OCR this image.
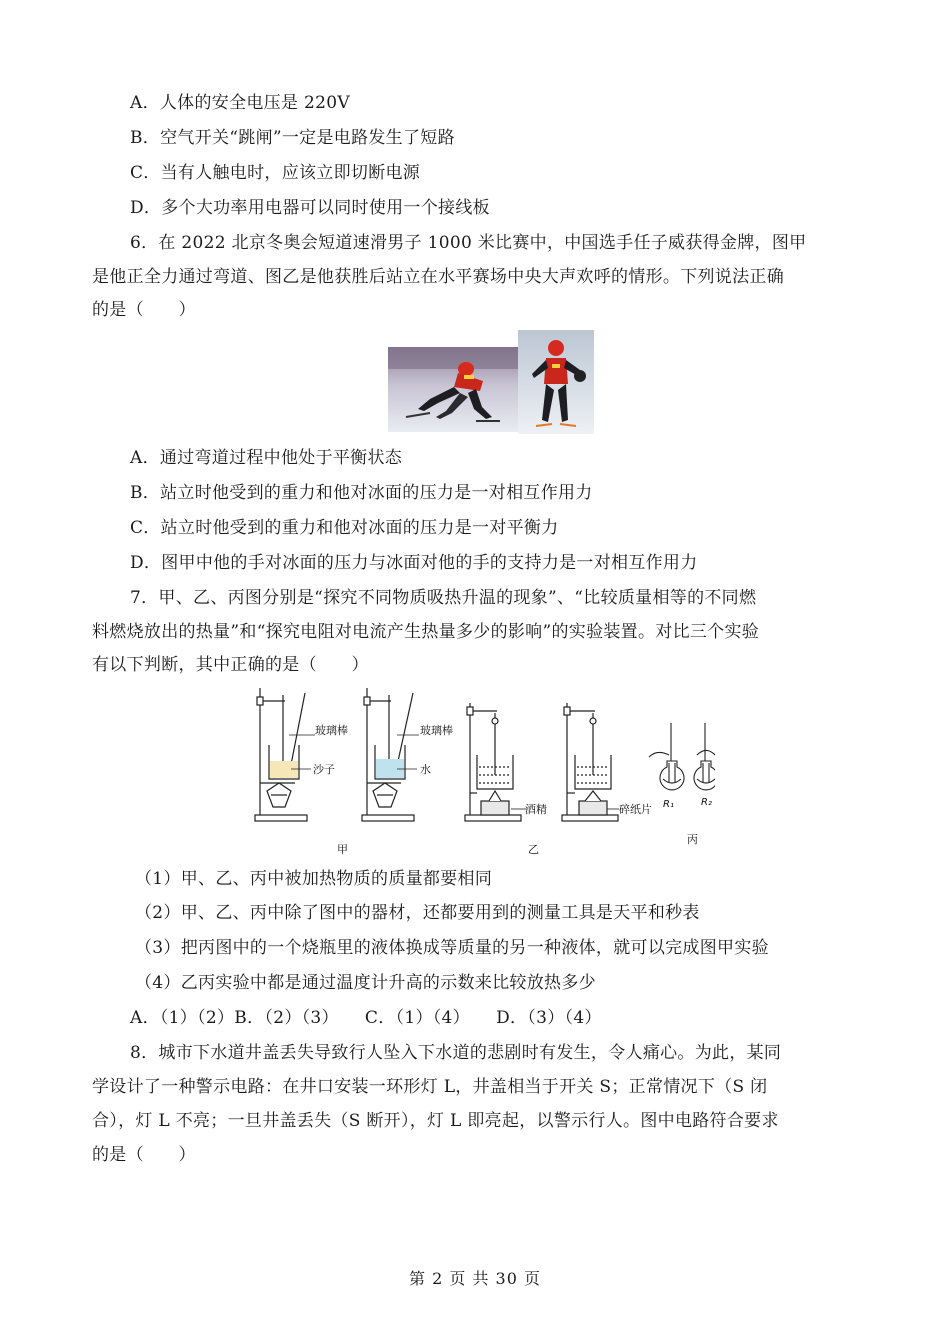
A．人体的安全电压是 220V
B．空气开关“跳闸”一定是电路发生了短路
C．当有人触电时，应该立即切断电源
D．多个大功率用电器可以同时使用一个接线板
6．在 2022 北京冬奥会短道速滑男子 1000 米比赛中，中国选手任子威获得金牌，图甲
是他正全力通过弯道、图乙是他获胜后站立在水平赛场中央大声欢呼的情形。下列说法正确
的是（　　）
A．通过弯道过程中他处于平衡状态
B．站立时他受到的重力和他对冰面的压力是一对相互作用力
C．站立时他受到的重力和他对冰面的压力是一对平衡力
D．图甲中他的手对冰面的压力与冰面对他的手的支持力是一对相互作用力
7．甲、乙、丙图分别是“探究不同物质吸热升温的现象”、“比较质量相等的不同燃
料燃烧放出的热量”和“探究电阻对电流产生热量多少的影响”的实验装置。对比三个实验
有以下判断，其中正确的是（　　）
玻璃棒
沙子
玻璃棒
水
酒精	碎纸片 R₁	R₂
甲	乙
丙
（1）甲、乙、丙中被加热物质的质量都要相同
（2）甲、乙、丙中除了图中的器材，还都要用到的测量工具是天平和秒表
（3）把丙图中的一个烧瓶里的液体换成等质量的另一种液体，就可以完成图甲实验
（4）乙丙实验中都是通过温度计升高的示数来比较放热多少
A．（1）（2）B．（2）（3）　　C．（1）（4）　　D．（3）（4）
8．城市下水道井盖丢失导致行人坠入下水道的悲剧时有发生，令人痛心。为此，某同
学设计了一种警示电路：在井口安装一环形灯 L，井盖相当于开关 S；正常情况下（S 闭
合），灯 L 不亮；一旦井盖丢失（S 断开），灯 L 即亮起，以警示行人。图中电路符合要求
的是（　　）
第 2 页 共 30 页
